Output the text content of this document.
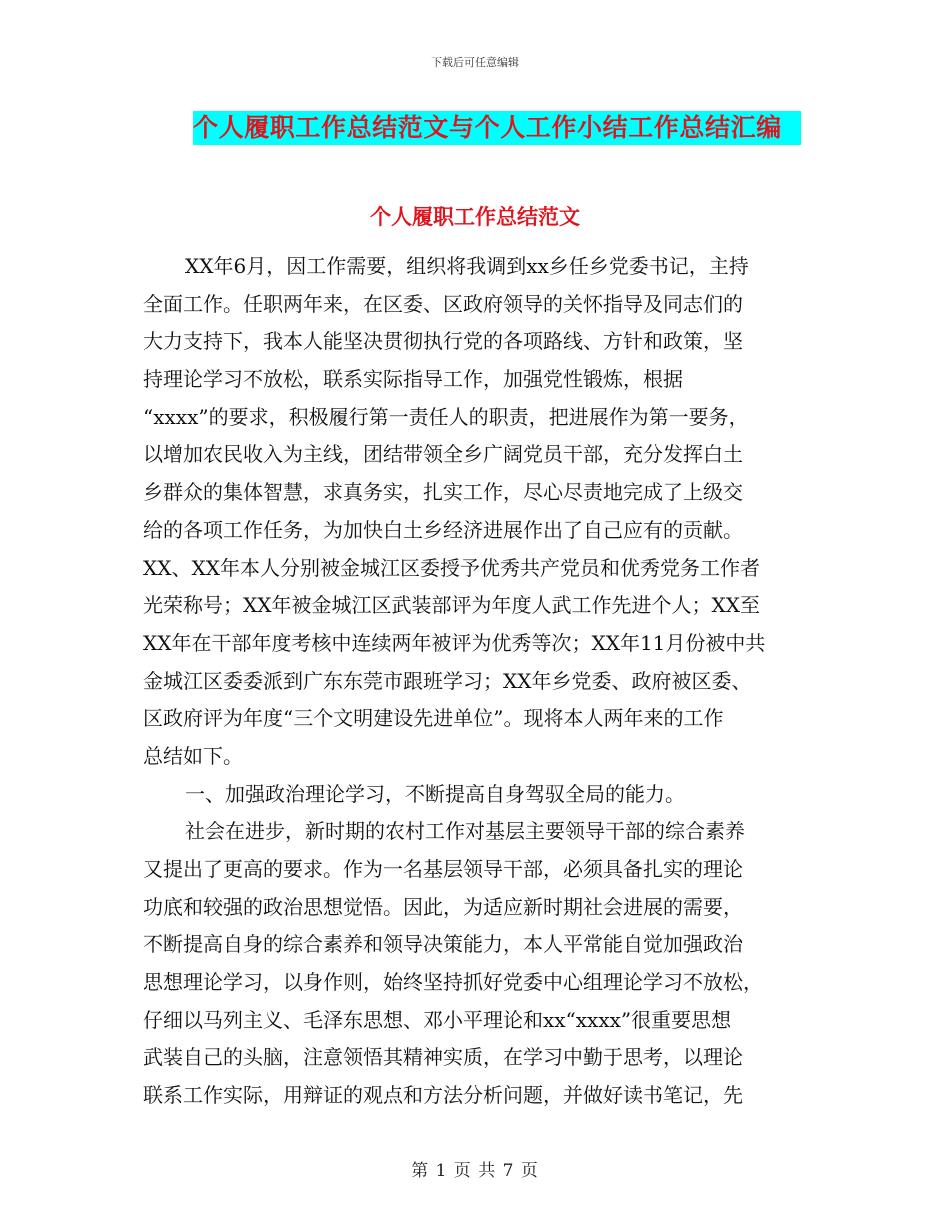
下载后可任意编辑
个人履职工作总结范文与个人工作小结工作总结汇编
个人履职工作总结范文
XX年6月，因工作需要，组织将我调到xx乡任乡党委书记，主持
全面工作。任职两年来，在区委、区政府领导的关怀指导及同志们的
大力支持下，我本人能坚决贯彻执行党的各项路线、方针和政策，坚
持理论学习不放松，联系实际指导工作，加强党性锻炼，根据
“xxxx”的要求，积极履行第一责任人的职责，把进展作为第一要务，
以增加农民收入为主线，团结带领全乡广阔党员干部，充分发挥白土
乡群众的集体智慧，求真务实，扎实工作，尽心尽责地完成了上级交
给的各项工作任务，为加快白土乡经济进展作出了自己应有的贡献。
XX、XX年本人分别被金城江区委授予优秀共产党员和优秀党务工作者
光荣称号；XX年被金城江区武装部评为年度人武工作先进个人；XX至
XX年在干部年度考核中连续两年被评为优秀等次；XX年11月份被中共
金城江区委委派到广东东莞市跟班学习；XX年乡党委、政府被区委、
区政府评为年度“三个文明建设先进单位”。现将本人两年来的工作
总结如下。
一、加强政治理论学习，不断提高自身驾驭全局的能力。
社会在进步，新时期的农村工作对基层主要领导干部的综合素养
又提出了更高的要求。作为一名基层领导干部，必须具备扎实的理论
功底和较强的政治思想觉悟。因此，为适应新时期社会进展的需要，
不断提高自身的综合素养和领导决策能力，本人平常能自觉加强政治
思想理论学习，以身作则，始终坚持抓好党委中心组理论学习不放松，
仔细以马列主义、毛泽东思想、邓小平理论和xx“xxxx”很重要思想
武装自己的头脑，注意领悟其精神实质，在学习中勤于思考，以理论
联系工作实际，用辩证的观点和方法分析问题，并做好读书笔记，先
第 1 页 共 7 页
